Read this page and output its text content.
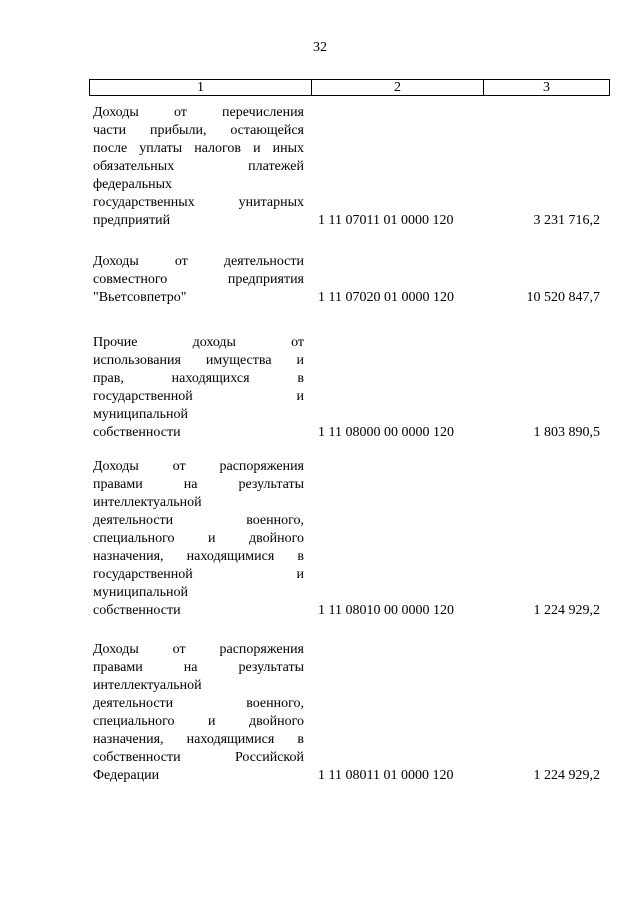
32
1	2	3
Доходы от перечисления
части прибыли, остающейся
после уплаты налогов и иных
обязательных платежей
федеральных
государственных унитарных
предприятий	1 11 07011 01 0000 120	3 231 716,2
Доходы от деятельности
совместного предприятия
"Вьетсовпетро"	1 11 07020 01 0000 120	10 520 847,7
Прочие доходы от
использования имущества и
прав, находящихся в
государственной и
муниципальной
собственности	1 11 08000 00 0000 120	1 803 890,5
Доходы от распоряжения
правами на результаты
интеллектуальной
деятельности военного,
специального и двойного
назначения, находящимися в
государственной и
муниципальной
собственности	1 11 08010 00 0000 120	1 224 929,2
Доходы от распоряжения
правами на результаты
интеллектуальной
деятельности военного,
специального и двойного
назначения, находящимися в
собственности Российской
Федерации	1 11 08011 01 0000 120	1 224 929,2
